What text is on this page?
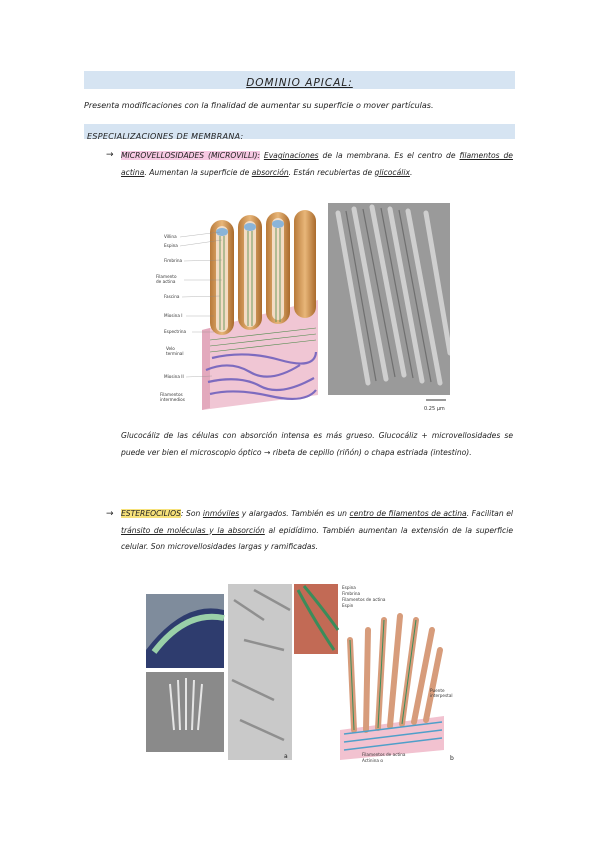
DOMINIO APICAL:
Presenta modificaciones con la finalidad de aumentar su superficie o mover partículas.
ESPECIALIZACIONES DE MEMBRANA:
→ MICROVELLOSIDADES (MICROVILLI): Evaginaciones de la membrana. Es el centro de filamentos de actina. Aumentan la superficie de absorción. Están recubiertas de glicocálix.
Villina
Espina
Fimbrina
Filamento
de actina
Fascina
Miosina I
Espectrina
Velo
terminal
Miosina II
Filamentos
intermedios
0.25 µm
Glucocáliz de las células con absorción intensa es más grueso. Glucocáliz + microvellosidades se puede ver bien el microscopio óptico → ribeta de cepillo (riñón) o chapa estriada (intestino).
→ ESTEREOCILIOS: Son inmóviles y alargados. También es un centro de filamentos de actina. Facilitan el tránsito de moléculas y la absorción al epidídimo. También aumentan la extensión de la superficie celular. Son microvellosidades largas y ramificadas.
a
Espina
Fimbrina
Filamentos de actina
Espin
Puente
interpestal
Filamentos de actina
Actinina α	b
